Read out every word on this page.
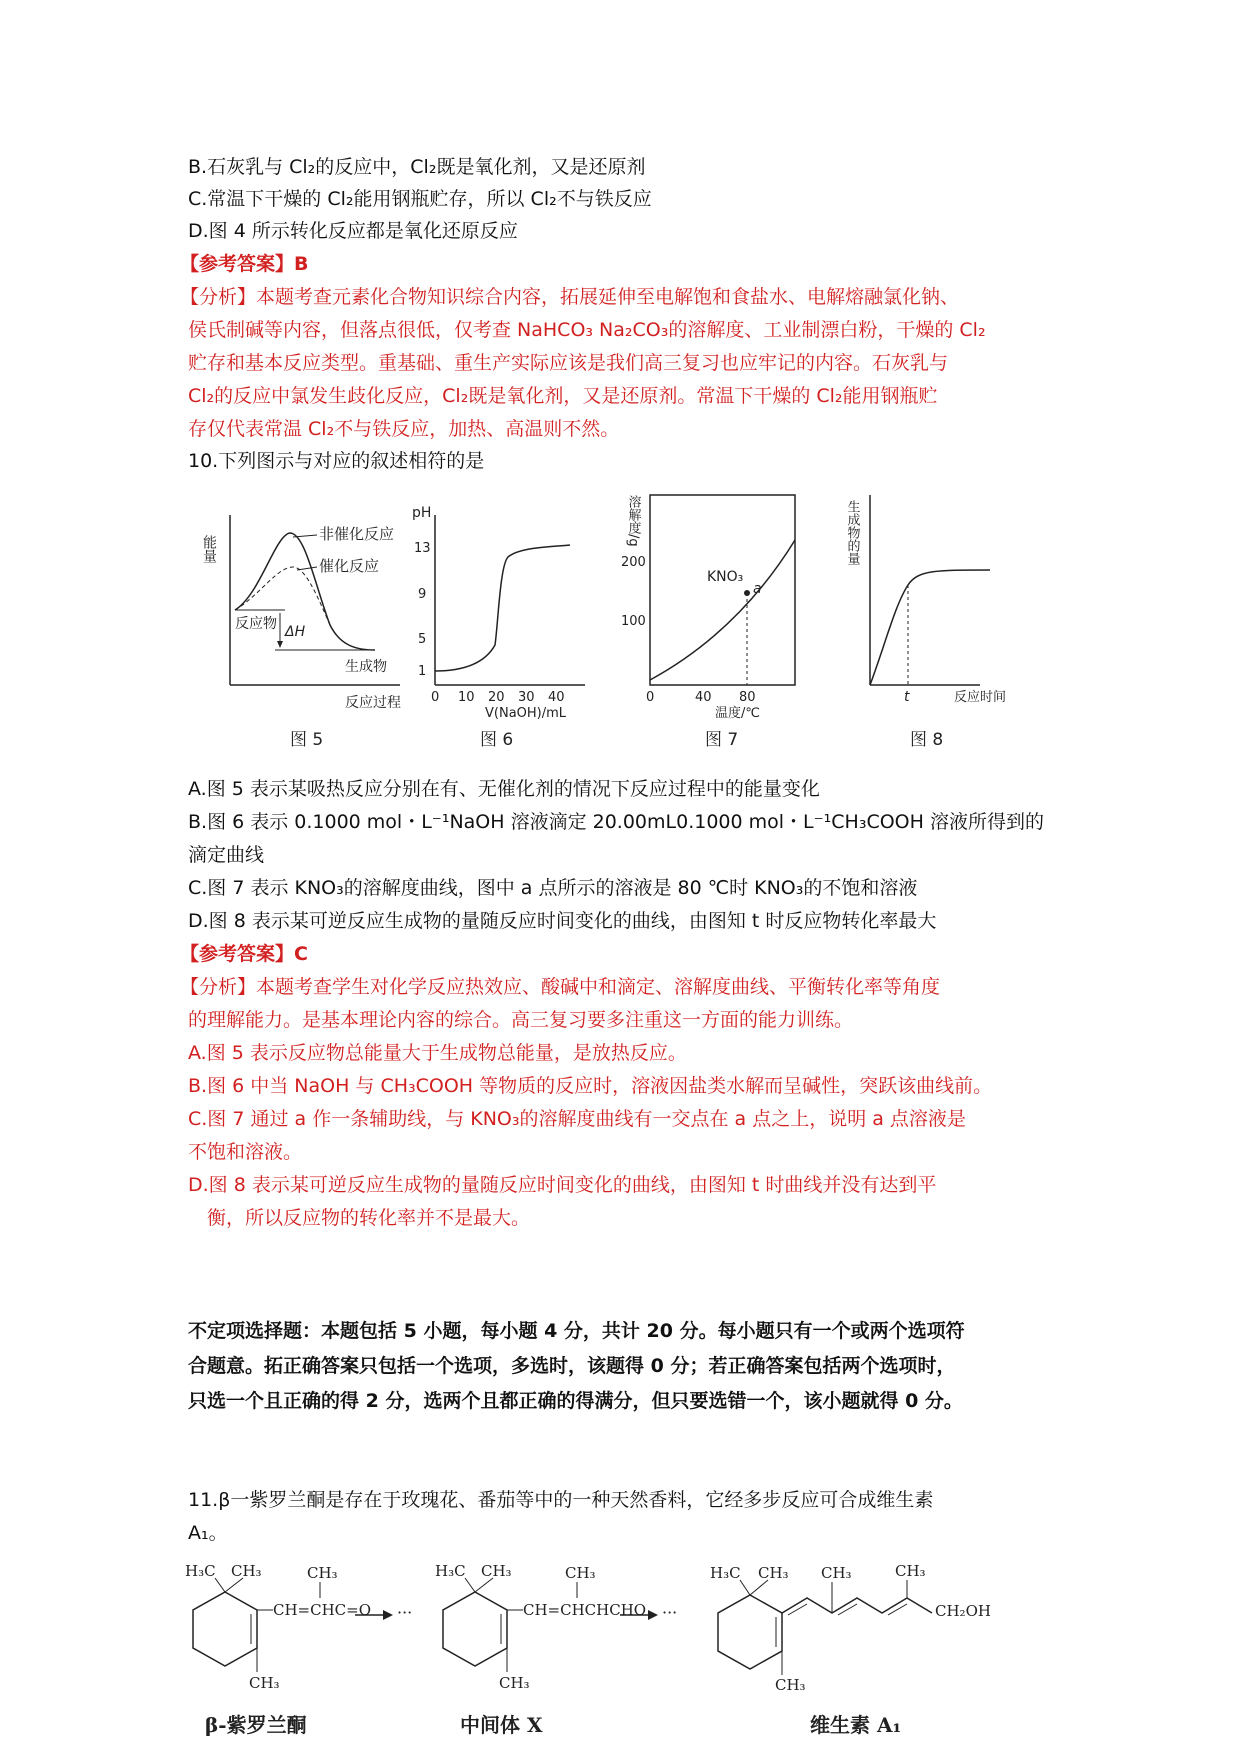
B.石灰乳与 Cl₂的反应中，Cl₂既是氧化剂，又是还原剂
C.常温下干燥的 Cl₂能用钢瓶贮存，所以 Cl₂不与铁反应
D.图 4 所示转化反应都是氧化还原反应
【参考答案】B
【分析】本题考查元素化合物知识综合内容，拓展延伸至电解饱和食盐水、电解熔融氯化钠、
侯氏制碱等内容，但落点很低，仅考查 NaHCO₃ Na₂CO₃的溶解度、工业制漂白粉，干燥的 Cl₂
贮存和基本反应类型。重基础、重生产实际应该是我们高三复习也应牢记的内容。石灰乳与
Cl₂的反应中氯发生歧化反应，Cl₂既是氧化剂，又是还原剂。常温下干燥的 Cl₂能用钢瓶贮
存仅代表常温 Cl₂不与铁反应，加热、高温则不然。
10.下列图示与对应的叙述相符的是
能量
非催化反应
催化反应
反应物 ΔH
生成物
反应过程
图 5
pH
13
9
5
1
0 10 20 30 40
V(NaOH)/mL
图 6
溶解度/g
200
100
KNO₃
a
0	40 80
温度/℃
图 7
生成物的量
t	反应时间
图 8
A.图 5 表示某吸热反应分别在有、无催化剂的情况下反应过程中的能量变化
B.图 6 表示 0.1000 mol・L⁻¹NaOH 溶液滴定 20.00mL0.1000 mol・L⁻¹CH₃COOH 溶液所得到的
滴定曲线
C.图 7 表示 KNO₃的溶解度曲线，图中 a 点所示的溶液是 80 ℃时 KNO₃的不饱和溶液
D.图 8 表示某可逆反应生成物的量随反应时间变化的曲线，由图知 t 时反应物转化率最大
【参考答案】C
【分析】本题考查学生对化学反应热效应、酸碱中和滴定、溶解度曲线、平衡转化率等角度
的理解能力。是基本理论内容的综合。高三复习要多注重这一方面的能力训练。
A.图 5 表示反应物总能量大于生成物总能量，是放热反应。
B.图 6 中当 NaOH 与 CH₃COOH 等物质的反应时，溶液因盐类水解而呈碱性，突跃该曲线前。
C.图 7 通过 a 作一条辅助线，与 KNO₃的溶解度曲线有一交点在 a 点之上，说明 a 点溶液是
不饱和溶液。
D.图 8 表示某可逆反应生成物的量随反应时间变化的曲线，由图知 t 时曲线并没有达到平
　衡，所以反应物的转化率并不是最大。
不定项选择题：本题包括 5 小题，每小题 4 分，共计 20 分。每小题只有一个或两个选项符
合题意。拓正确答案只包括一个选项，多选时，该题得 0 分；若正确答案包括两个选项时，
只选一个且正确的得 2 分，选两个且都正确的得满分，但只要选错一个，该小题就得 0 分。
11.β一紫罗兰酮是存在于玫瑰花、番茄等中的一种天然香料，它经多步反应可合成维生素
A₁。
H₃C CH₃
CH=CHC=O
CH₃
CH₃
β-紫罗兰酮
···
H₃C CH₃
CH=CHCHCHO
CH₃
CH₃
中间体 X
···
H₃C CH₃ CH₃	CH₃
CH₂OH
CH₃
维生素 A₁
